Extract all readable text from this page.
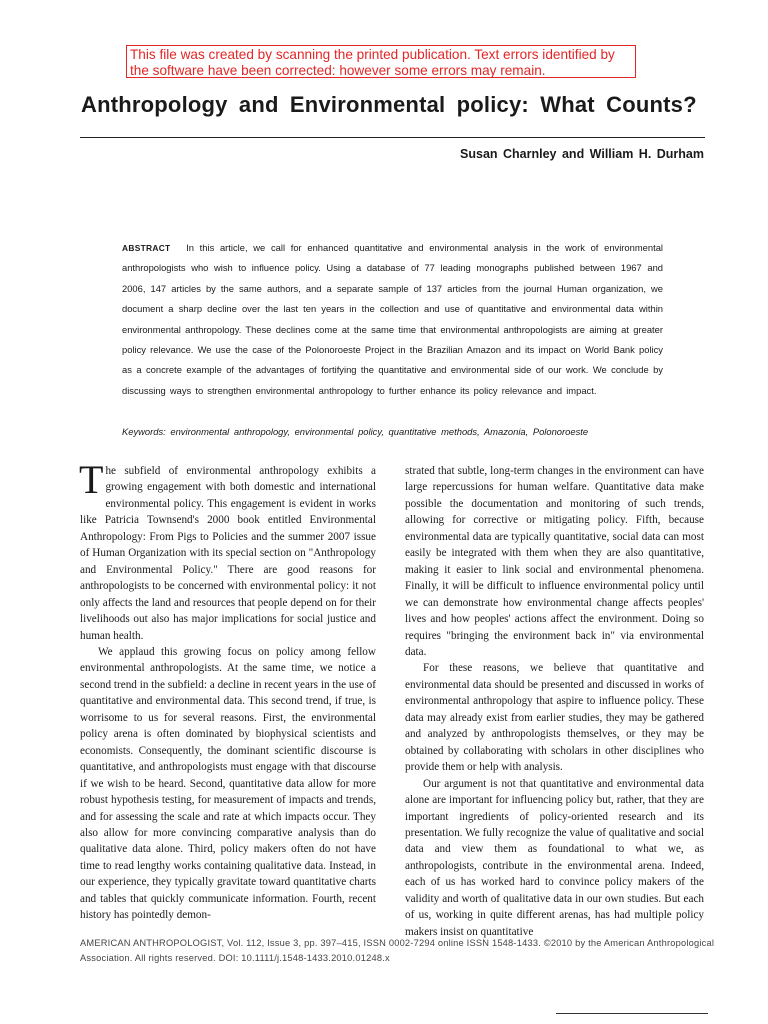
This file was created by scanning the printed publication. Text errors identified by the software have been corrected: however some errors may remain.
Anthropology and Environmental policy: What Counts?
Susan Charnley and William H. Durham
ABSTRACT In this article, we call for enhanced quantitative and environmental analysis in the work of environmental anthropologists who wish to influence policy. Using a database of 77 leading monographs published between 1967 and 2006, 147 articles by the same authors, and a separate sample of 137 articles from the journal Human organization, we document a sharp decline over the last ten years in the collection and use of quantitative and environmental data within environmental anthropology. These declines come at the same time that environmental anthropologists are aiming at greater policy relevance. We use the case of the Polonoroeste Project in the Brazilian Amazon and its impact on World Bank policy as a concrete example of the advantages of fortifying the quantitative and environmental side of our work. We conclude by discussing ways to strengthen environmental anthropology to further enhance its policy relevance and impact.
Keywords: environmental anthropology, environmental policy, quantitative methods, Amazonia, Polonoroeste

The subfield of environmental anthropology exhibits a growing engagement with both domestic and international environmental policy. This engagement is evident in works like Patricia Townsend's 2000 book entitled Environmental Anthropology: From Pigs to Policies and the summer 2007 issue of Human Organization with its special section on "Anthropology and Environmental Policy." There are good reasons for anthropologists to be concerned with environmental policy: it not only affects the land and resources that people depend on for their livelihoods out also has major implications for social justice and human health.

We applaud this growing focus on policy among fellow environmental anthropologists. At the same time, we notice a second trend in the subfield: a decline in recent years in the use of quantitative and environmental data. This second trend, if true, is worrisome to us for several reasons. First, the environmental policy arena is often dominated by biophysical scientists and economists. Consequently, the dominant scientific discourse is quantitative, and anthropologists must engage with that discourse if we wish to be heard. Second, quantitative data allow for more robust hypothesis testing, for measurement of impacts and trends, and for assessing the scale and rate at which impacts occur. They also allow for more convincing comparative analysis than do qualitative data alone. Third, policy makers often do not have time to read lengthy works containing qualitative data. Instead, in our experience, they typically gravitate toward quantitative charts and tables that quickly communicate information. Fourth, recent history has pointedly demon-

strated that subtle, long-term changes in the environment can have large repercussions for human welfare. Quantitative data make possible the documentation and monitoring of such trends, allowing for corrective or mitigating policy. Fifth, because environmental data are typically quantitative, social data can most easily be integrated with them when they are also quantitative, making it easier to link social and environmental phenomena. Finally, it will be difficult to influence environmental policy until we can demonstrate how environmental change affects peoples' lives and how peoples' actions affect the environment. Doing so requires "bringing the environment back in" via environmental data.

For these reasons, we believe that quantitative and environmental data should be presented and discussed in works of environmental anthropology that aspire to influence policy. These data may already exist from earlier studies, they may be gathered and analyzed by anthropologists themselves, or they may be obtained by collaborating with scholars in other disciplines who provide them or help with analysis.

Our argument is not that quantitative and environmental data alone are important for influencing policy but, rather, that they are important ingredients of policy-oriented research and its presentation. We fully recognize the value of qualitative and social data and view them as foundational to what we, as anthropologists, contribute in the environmental arena. Indeed, each of us has worked hard to convince policy makers of the validity and worth of qualitative data in our own studies. But each of us, working in quite different arenas, has had multiple policy makers insist on quantitative

AMERICAN ANTHROPOLOGIST, Vol. 112, Issue 3, pp. 397–415, ISSN 0002-7294 online ISSN 1548-1433. ©2010 by the American Anthropological
Association. All rights reserved. DOI: 10.1111/j.1548-1433.2010.01248.x
